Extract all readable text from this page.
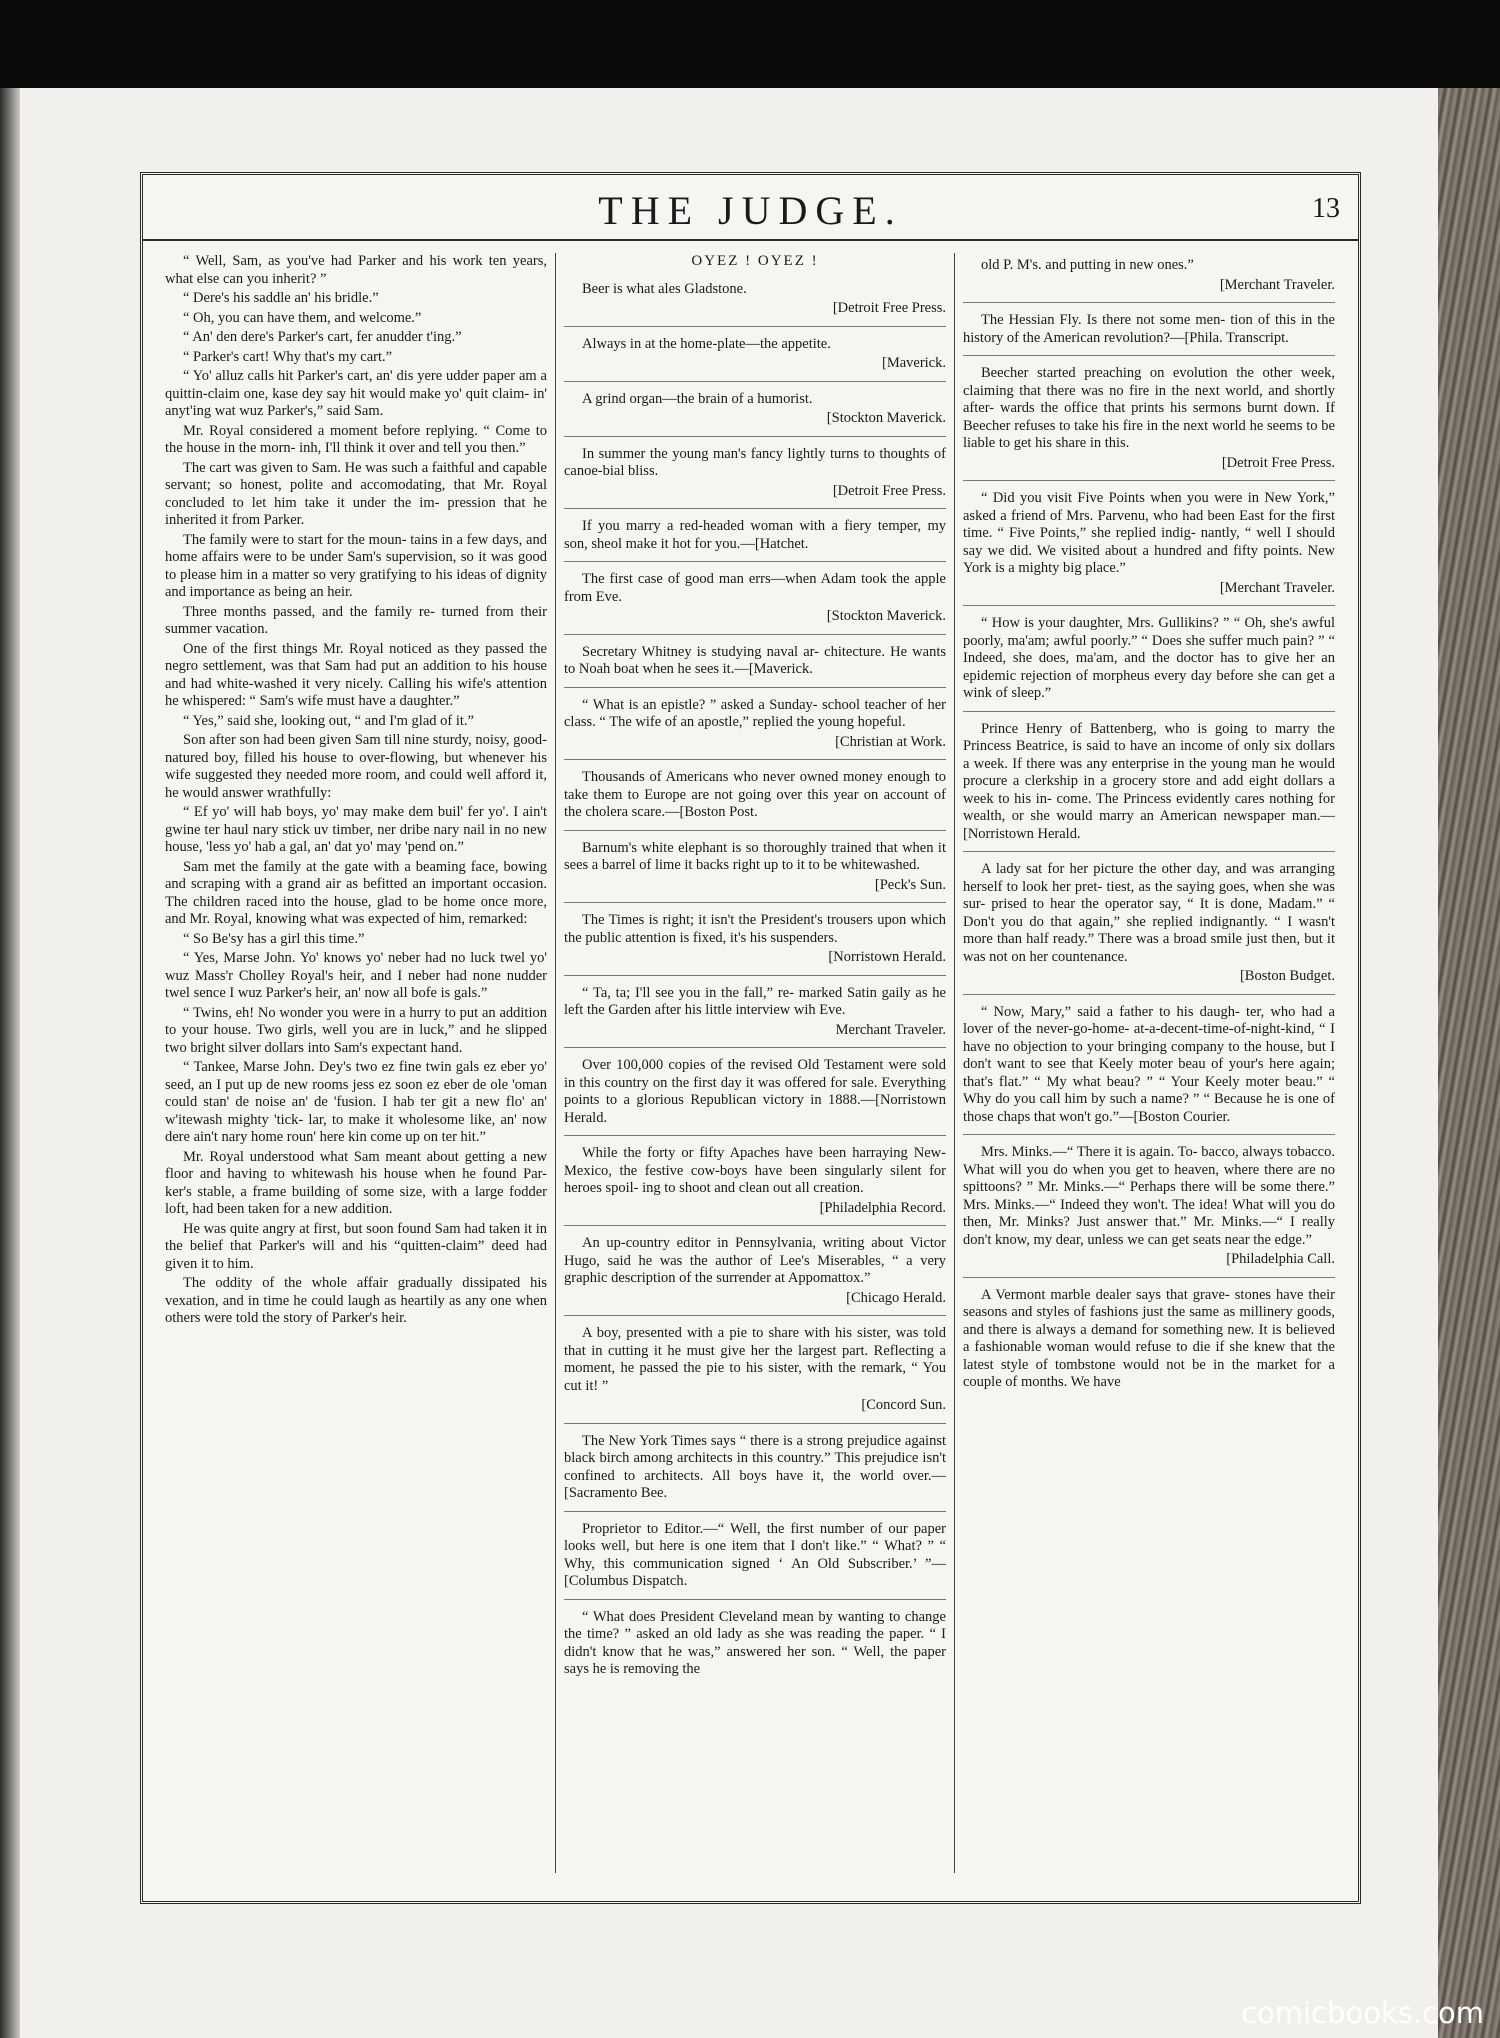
THE JUDGE.	13

“ Well, Sam, as you've had Parker and his work ten years, what else can you inherit? ”

“ Dere's his saddle an' his bridle.”

“ Oh, you can have them, and welcome.”

“ An' den dere's Parker's cart, fer anudder t'ing.”

“ Parker's cart! Why that's my cart.”

“ Yo' alluz calls hit Parker's cart, an' dis yere udder paper am a quittin-claim one, kase dey say hit would make yo' quit claim- in' anyt'ing wat wuz Parker's,” said Sam.

Mr. Royal considered a moment before replying. “ Come to the house in the morn- inh, I'll think it over and tell you then.”

The cart was given to Sam. He was such a faithful and capable servant; so honest, polite and accomodating, that Mr. Royal concluded to let him take it under the im- pression that he inherited it from Parker.

The family were to start for the moun- tains in a few days, and home affairs were to be under Sam's supervision, so it was good to please him in a matter so very gratifying to his ideas of dignity and importance as being an heir.

Three months passed, and the family re- turned from their summer vacation.

One of the first things Mr. Royal noticed as they passed the negro settlement, was that Sam had put an addition to his house and had white-washed it very nicely. Calling his wife's attention he whispered: “ Sam's wife must have a daughter.”

“ Yes,” said she, looking out, “ and I'm glad of it.”

Son after son had been given Sam till nine sturdy, noisy, good-natured boy, filled his house to over-flowing, but whenever his wife suggested they needed more room, and could well afford it, he would answer wrathfully:

“ Ef yo' will hab boys, yo' may make dem buil' fer yo'. I ain't gwine ter haul nary stick uv timber, ner dribe nary nail in no new house, 'less yo' hab a gal, an' dat yo' may 'pend on.”

Sam met the family at the gate with a beaming face, bowing and scraping with a grand air as befitted an important occasion. The children raced into the house, glad to be home once more, and Mr. Royal, knowing what was expected of him, remarked:

“ So Be'sy has a girl this time.”

“ Yes, Marse John. Yo' knows yo' neber had no luck twel yo' wuz Mass'r Cholley Royal's heir, and I neber had none nudder twel sence I wuz Parker's heir, an' now all bofe is gals.”

“ Twins, eh! No wonder you were in a hurry to put an addition to your house. Two girls, well you are in luck,” and he slipped two bright silver dollars into Sam's expectant hand.

“ Tankee, Marse John. Dey's two ez fine twin gals ez eber yo' seed, an I put up de new rooms jess ez soon ez eber de ole 'oman could stan' de noise an' de 'fusion. I hab ter git a new flo' an' w'itewash mighty 'tick- lar, to make it wholesome like, an' now dere ain't nary home roun' here kin come up on ter hit.”

Mr. Royal understood what Sam meant about getting a new floor and having to whitewash his house when he found Par- ker's stable, a frame building of some size, with a large fodder loft, had been taken for a new addition.

He was quite angry at first, but soon found Sam had taken it in the belief that Parker's will and his “quitten-claim” deed had given it to him.

The oddity of the whole affair gradually dissipated his vexation, and in time he could laugh as heartily as any one when others were told the story of Parker's heir.

OYEZ ! OYEZ !

Beer is what ales Gladstone.

[Detroit Free Press.

Always in at the home-plate—the appetite.

[Maverick.

A grind organ—the brain of a humorist.

[Stockton Maverick.

In summer the young man's fancy lightly turns to thoughts of canoe-bial bliss.

[Detroit Free Press.

If you marry a red-headed woman with a fiery temper, my son, sheol make it hot for you.—[Hatchet.

The first case of good man errs—when Adam took the apple from Eve.

[Stockton Maverick.

Secretary Whitney is studying naval ar- chitecture. He wants to Noah boat when he sees it.—[Maverick.

“ What is an epistle? ” asked a Sunday- school teacher of her class. “ The wife of an apostle,” replied the young hopeful.

[Christian at Work.

Thousands of Americans who never owned money enough to take them to Europe are not going over this year on account of the cholera scare.—[Boston Post.

Barnum's white elephant is so thoroughly trained that when it sees a barrel of lime it backs right up to it to be whitewashed.

[Peck's Sun.

The Times is right; it isn't the President's trousers upon which the public attention is fixed, it's his suspenders.

[Norristown Herald.

“ Ta, ta; I'll see you in the fall,” re- marked Satin gaily as he left the Garden after his little interview wih Eve.

Merchant Traveler.

Over 100,000 copies of the revised Old Testament were sold in this country on the first day it was offered for sale. Everything points to a glorious Republican victory in 1888.—[Norristown Herald.

While the forty or fifty Apaches have been harraying New-Mexico, the festive cow-boys have been singularly silent for heroes spoil- ing to shoot and clean out all creation.

[Philadelphia Record.

An up-country editor in Pennsylvania, writing about Victor Hugo, said he was the author of Lee's Miserables, “ a very graphic description of the surrender at Appomattox.”

[Chicago Herald.

A boy, presented with a pie to share with his sister, was told that in cutting it he must give her the largest part. Reflecting a moment, he passed the pie to his sister, with the remark, “ You cut it! ”

[Concord Sun.

The New York Times says “ there is a strong prejudice against black birch among architects in this country.” This prejudice isn't confined to architects. All boys have it, the world over.—[Sacramento Bee.

Proprietor to Editor.—“ Well, the first number of our paper looks well, but here is one item that I don't like.” “ What? ” “ Why, this communication signed ‘ An Old Subscriber.’ ”—[Columbus Dispatch.

“ What does President Cleveland mean by wanting to change the time? ” asked an old lady as she was reading the paper. “ I didn't know that he was,” answered her son. “ Well, the paper says he is removing the

old P. M's. and putting in new ones.”

[Merchant Traveler.

The Hessian Fly. Is there not some men- tion of this in the history of the American revolution?—[Phila. Transcript.

Beecher started preaching on evolution the other week, claiming that there was no fire in the next world, and shortly after- wards the office that prints his sermons burnt down. If Beecher refuses to take his fire in the next world he seems to be liable to get his share in this.

[Detroit Free Press.

“ Did you visit Five Points when you were in New York,” asked a friend of Mrs. Parvenu, who had been East for the first time. “ Five Points,” she replied indig- nantly, “ well I should say we did. We visited about a hundred and fifty points. New York is a mighty big place.”

[Merchant Traveler.

“ How is your daughter, Mrs. Gullikins? ” “ Oh, she's awful poorly, ma'am; awful poorly.” “ Does she suffer much pain? ” “ Indeed, she does, ma'am, and the doctor has to give her an epidemic rejection of morpheus every day before she can get a wink of sleep.”

Prince Henry of Battenberg, who is going to marry the Princess Beatrice, is said to have an income of only six dollars a week. If there was any enterprise in the young man he would procure a clerkship in a grocery store and add eight dollars a week to his in- come. The Princess evidently cares nothing for wealth, or she would marry an American newspaper man.—[Norristown Herald.

A lady sat for her picture the other day, and was arranging herself to look her pret- tiest, as the saying goes, when she was sur- prised to hear the operator say, “ It is done, Madam.” “ Don't you do that again,” she replied indignantly. “ I wasn't more than half ready.” There was a broad smile just then, but it was not on her countenance.

[Boston Budget.

“ Now, Mary,” said a father to his daugh- ter, who had a lover of the never-go-home- at-a-decent-time-of-night-kind, “ I have no objection to your bringing company to the house, but I don't want to see that Keely moter beau of your's here again; that's flat.” “ My what beau? ” “ Your Keely moter beau.” “ Why do you call him by such a name? ” “ Because he is one of those chaps that won't go.”—[Boston Courier.

Mrs. Minks.—“ There it is again. To- bacco, always tobacco. What will you do when you get to heaven, where there are no spittoons? ” Mr. Minks.—“ Perhaps there will be some there.” Mrs. Minks.—“ Indeed they won't. The idea! What will you do then, Mr. Minks? Just answer that.” Mr. Minks.—“ I really don't know, my dear, unless we can get seats near the edge.”

[Philadelphia Call.

A Vermont marble dealer says that grave- stones have their seasons and styles of fashions just the same as millinery goods, and there is always a demand for something new. It is believed a fashionable woman would refuse to die if she knew that the latest style of tombstone would not be in the market for a couple of months. We have

comicbooks.com
